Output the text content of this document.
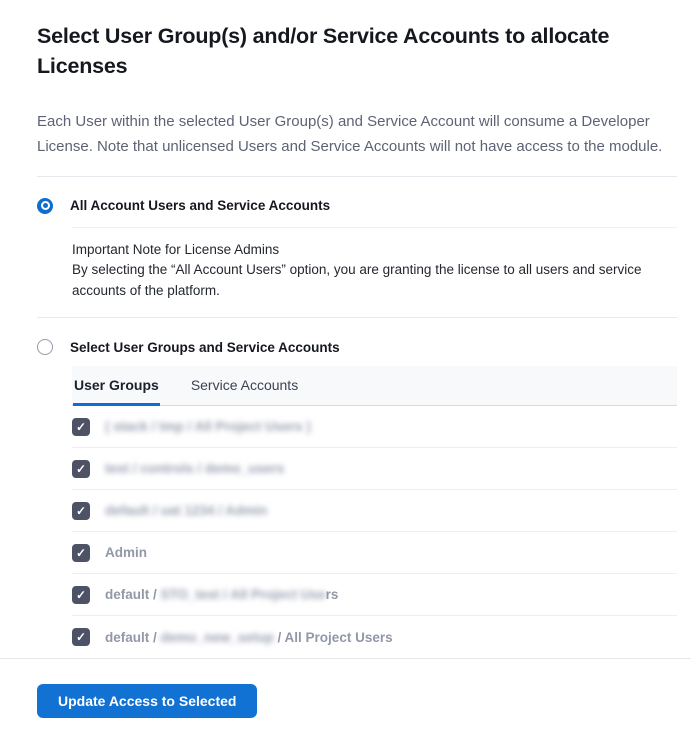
Select User Group(s) and/or Service Accounts to allocate Licenses

Each User within the selected User Group(s) and Service Account will consume a Developer License. Note that unlicensed Users and Service Accounts will not have access to the module.

All Account Users and Service Accounts
Important Note for License Admins
By selecting the “All Account Users” option, you are granting the license to all users and service accounts of the platform.
Select User Groups and Service Accounts
User Groups Service Accounts
✓ ( stack / tmp / All Project Users )
✓ test / controls / demo_users
✓ default / uat 1234 / Admin
✓ Admin
✓ default / STO_test / All Project Users
✓ default / demo_new_setup / All Project Users
Update Access to Selected
